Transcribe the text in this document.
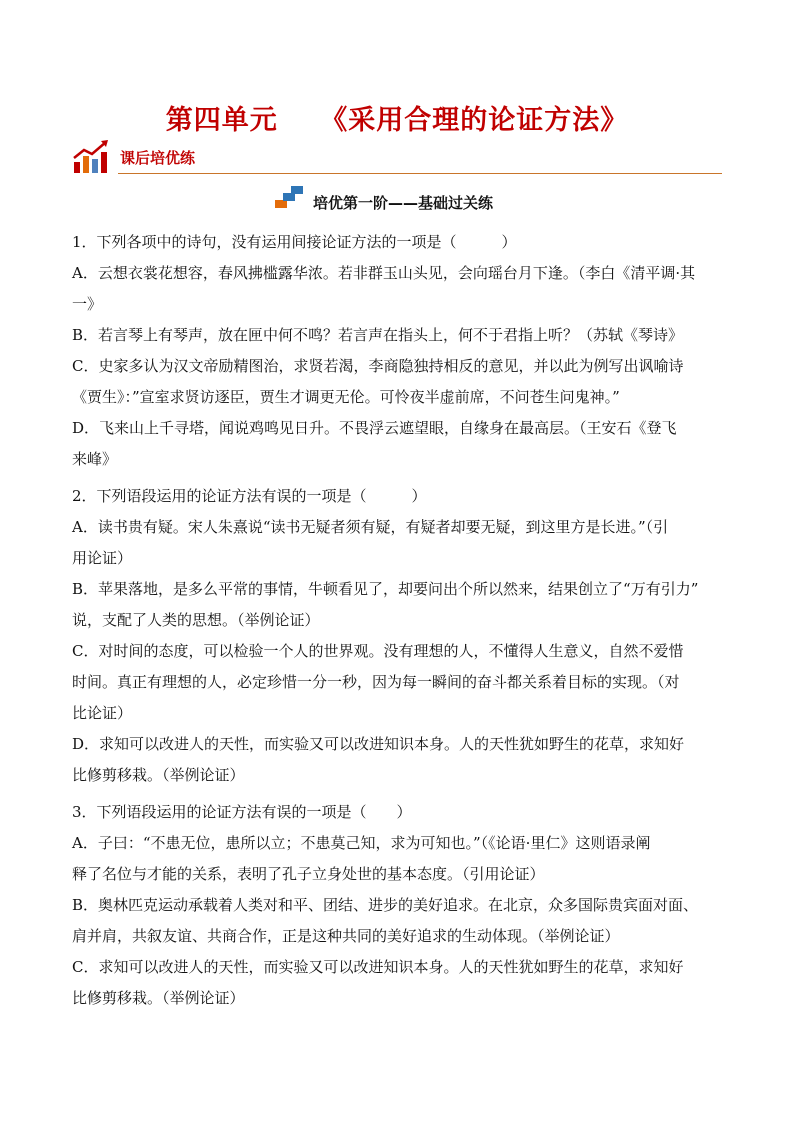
第四单元　　《采用合理的论证方法》
课后培优练
培优第一阶——基础过关练

1．下列各项中的诗句，没有运用间接论证方法的一项是（　　　）

A．云想衣裳花想容，春风拂槛露华浓。若非群玉山头见，会向瑶台月下逢。（李白《清平调·其

一》

B．若言琴上有琴声，放在匣中何不鸣？若言声在指头上，何不于君指上听？（苏轼《琴诗》

C．史家多认为汉文帝励精图治，求贤若渴，李商隐独持相反的意见，并以此为例写出讽喻诗

《贾生》：”宣室求贤访逐臣，贾生才调更无伦。可怜夜半虚前席，不问苍生问鬼神。”

D．飞来山上千寻塔，闻说鸡鸣见日升。不畏浮云遮望眼，自缘身在最高层。（王安石《登飞

来峰》

2．下列语段运用的论证方法有误的一项是（　　　）

A．读书贵有疑。宋人朱熹说“读书无疑者须有疑，有疑者却要无疑，到这里方是长进。”（引

用论证）

B．苹果落地，是多么平常的事情，牛顿看见了，却要问出个所以然来，结果创立了“万有引力”

说，支配了人类的思想。（举例论证）

C．对时间的态度，可以检验一个人的世界观。没有理想的人，不懂得人生意义，自然不爱惜

时间。真正有理想的人，必定珍惜一分一秒，因为每一瞬间的奋斗都关系着目标的实现。（对

比论证）

D．求知可以改进人的天性，而实验又可以改进知识本身。人的天性犹如野生的花草，求知好

比修剪移栽。（举例论证）

3．下列语段运用的论证方法有误的一项是（　　）

A．子曰：“不患无位，患所以立；不患莫己知，求为可知也。”（《论语·里仁》这则语录阐

释了名位与才能的关系，表明了孔子立身处世的基本态度。（引用论证）

B．奥林匹克运动承载着人类对和平、团结、进步的美好追求。在北京，众多国际贵宾面对面、

肩并肩，共叙友谊、共商合作，正是这种共同的美好追求的生动体现。（举例论证）

C．求知可以改进人的天性，而实验又可以改进知识本身。人的天性犹如野生的花草，求知好

比修剪移栽。（举例论证）
